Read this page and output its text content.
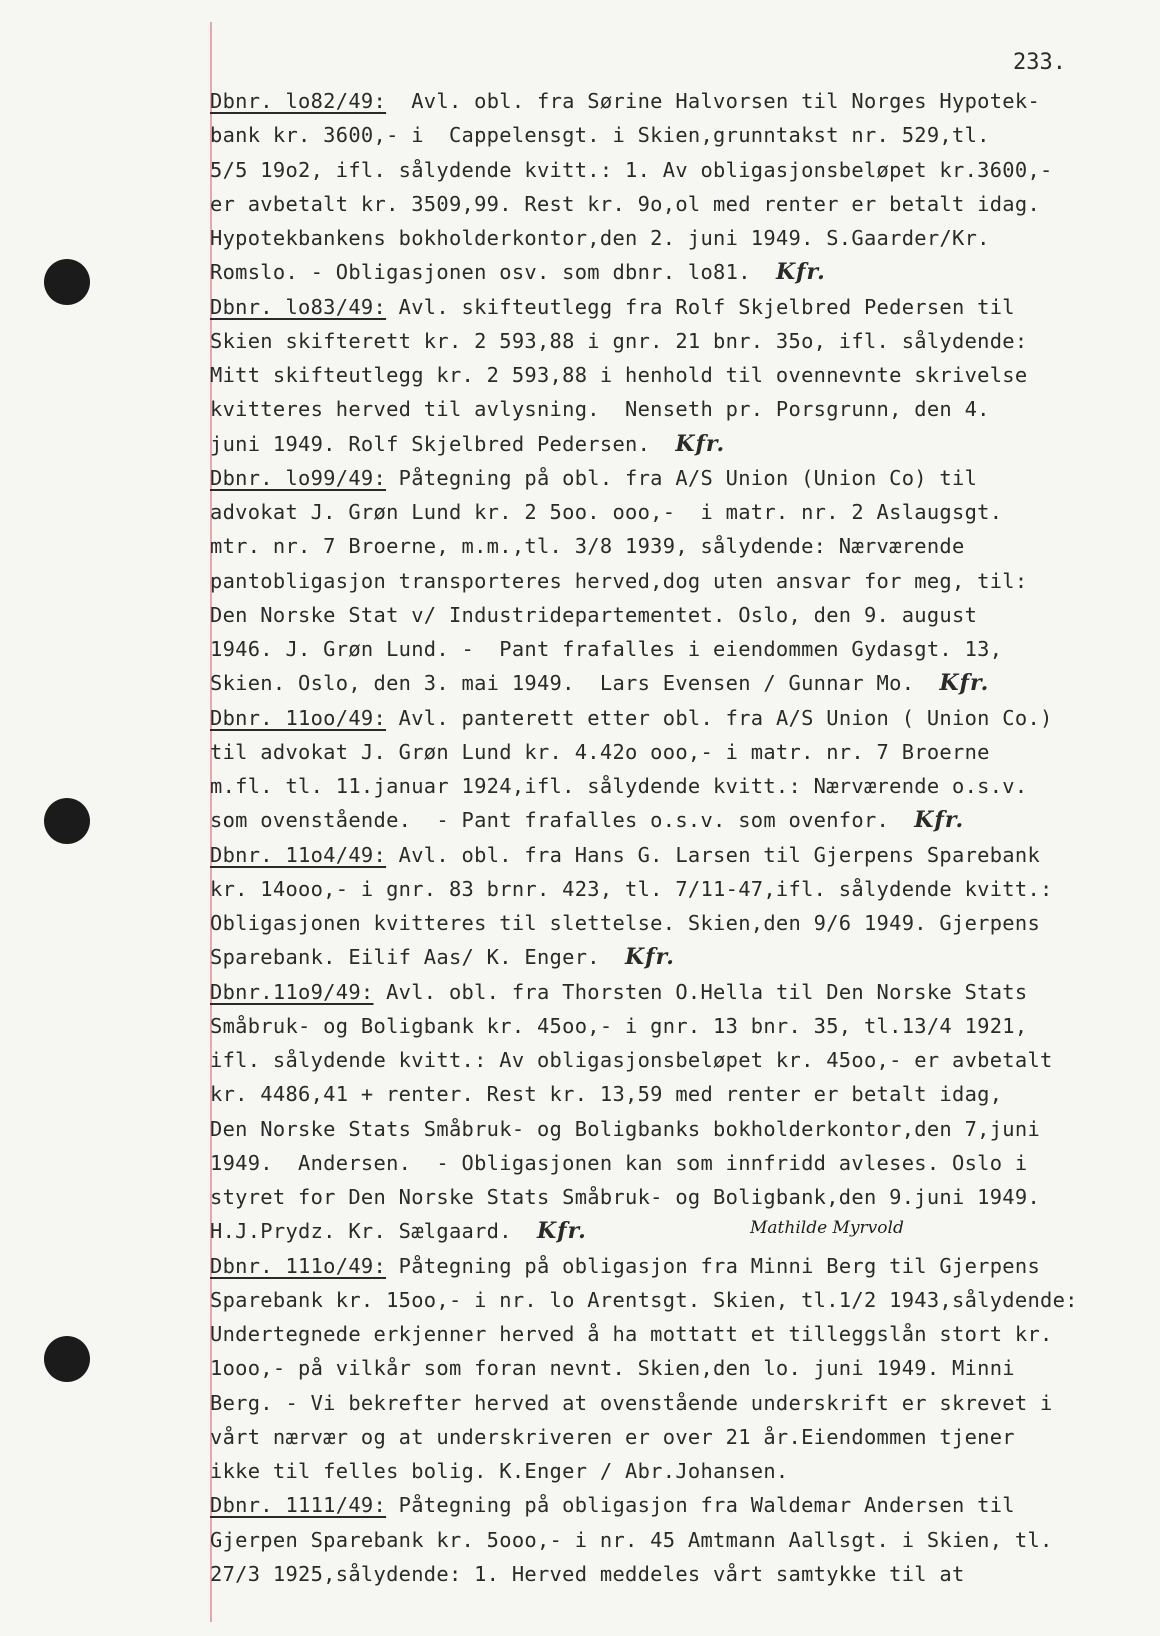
233.
Mathilde Myrvold
Dbnr. lo82/49:  Avl. obl. fra Sørine Halvorsen til Norges Hypotek-
bank kr. 3600,- i  Cappelensgt. i Skien,grunntakst nr. 529,tl.
5/5 19o2, ifl. sålydende kvitt.: 1. Av obligasjonsbeløpet kr.3600,-
er avbetalt kr. 3509,99. Rest kr. 9o,ol med renter er betalt idag.
Hypotekbankens bokholderkontor,den 2. juni 1949. S.Gaarder/Kr.
Romslo. - Obligasjonen osv. som dbnr. lo81. Kfr.
Dbnr. lo83/49: Avl. skifteutlegg fra Rolf Skjelbred Pedersen til
Skien skifterett kr. 2 593,88 i gnr. 21 bnr. 35o, ifl. sålydende:
Mitt skifteutlegg kr. 2 593,88 i henhold til ovennevnte skrivelse
kvitteres herved til avlysning.  Nenseth pr. Porsgrunn, den 4.
juni 1949. Rolf Skjelbred Pedersen. Kfr.
Dbnr. lo99/49: Påtegning på obl. fra A/S Union (Union Co) til
advokat J. Grøn Lund kr. 2 5oo. ooo,-  i matr. nr. 2 Aslaugsgt.
mtr. nr. 7 Broerne, m.m.,tl. 3/8 1939, sålydende: Nærværende
pantobligasjon transporteres herved,dog uten ansvar for meg, til:
Den Norske Stat v/ Industridepartementet. Oslo, den 9. august
1946. J. Grøn Lund. -  Pant frafalles i eiendommen Gydasgt. 13,
Skien. Oslo, den 3. mai 1949.  Lars Evensen / Gunnar Mo. Kfr.
Dbnr. 11oo/49: Avl. panterett etter obl. fra A/S Union ( Union Co.)
til advokat J. Grøn Lund kr. 4.42o ooo,- i matr. nr. 7 Broerne
m.fl. tl. 11.januar 1924,ifl. sålydende kvitt.: Nærværende o.s.v.
som ovenstående.  - Pant frafalles o.s.v. som ovenfor. Kfr.
Dbnr. 11o4/49: Avl. obl. fra Hans G. Larsen til Gjerpens Sparebank
kr. 14ooo,- i gnr. 83 brnr. 423, tl. 7/11-47,ifl. sålydende kvitt.:
Obligasjonen kvitteres til slettelse. Skien,den 9/6 1949. Gjerpens
Sparebank. Eilif Aas/ K. Enger. Kfr.
Dbnr.11o9/49: Avl. obl. fra Thorsten O.Hella til Den Norske Stats
Småbruk- og Boligbank kr. 45oo,- i gnr. 13 bnr. 35, tl.13/4 1921,
ifl. sålydende kvitt.: Av obligasjonsbeløpet kr. 45oo,- er avbetalt
kr. 4486,41 + renter. Rest kr. 13,59 med renter er betalt idag,
Den Norske Stats Småbruk- og Boligbanks bokholderkontor,den 7,juni
1949.  Andersen.  - Obligasjonen kan som innfridd avleses. Oslo i
styret for Den Norske Stats Småbruk- og Boligbank,den 9.juni 1949.
H.J.Prydz. Kr. Sælgaard. Kfr.
Dbnr. 111o/49: Påtegning på obligasjon fra Minni Berg til Gjerpens
Sparebank kr. 15oo,- i nr. lo Arentsgt. Skien, tl.1/2 1943,sålydende:
Undertegnede erkjenner herved å ha mottatt et tilleggslån stort kr.
1ooo,- på vilkår som foran nevnt. Skien,den lo. juni 1949. Minni
Berg. - Vi bekrefter herved at ovenstående underskrift er skrevet i
vårt nærvær og at underskriveren er over 21 år.Eiendommen tjener
ikke til felles bolig. K.Enger / Abr.Johansen.
Dbnr. 1111/49: Påtegning på obligasjon fra Waldemar Andersen til
Gjerpen Sparebank kr. 5ooo,- i nr. 45 Amtmann Aallsgt. i Skien, tl.
27/3 1925,sålydende: 1. Herved meddeles vårt samtykke til at
